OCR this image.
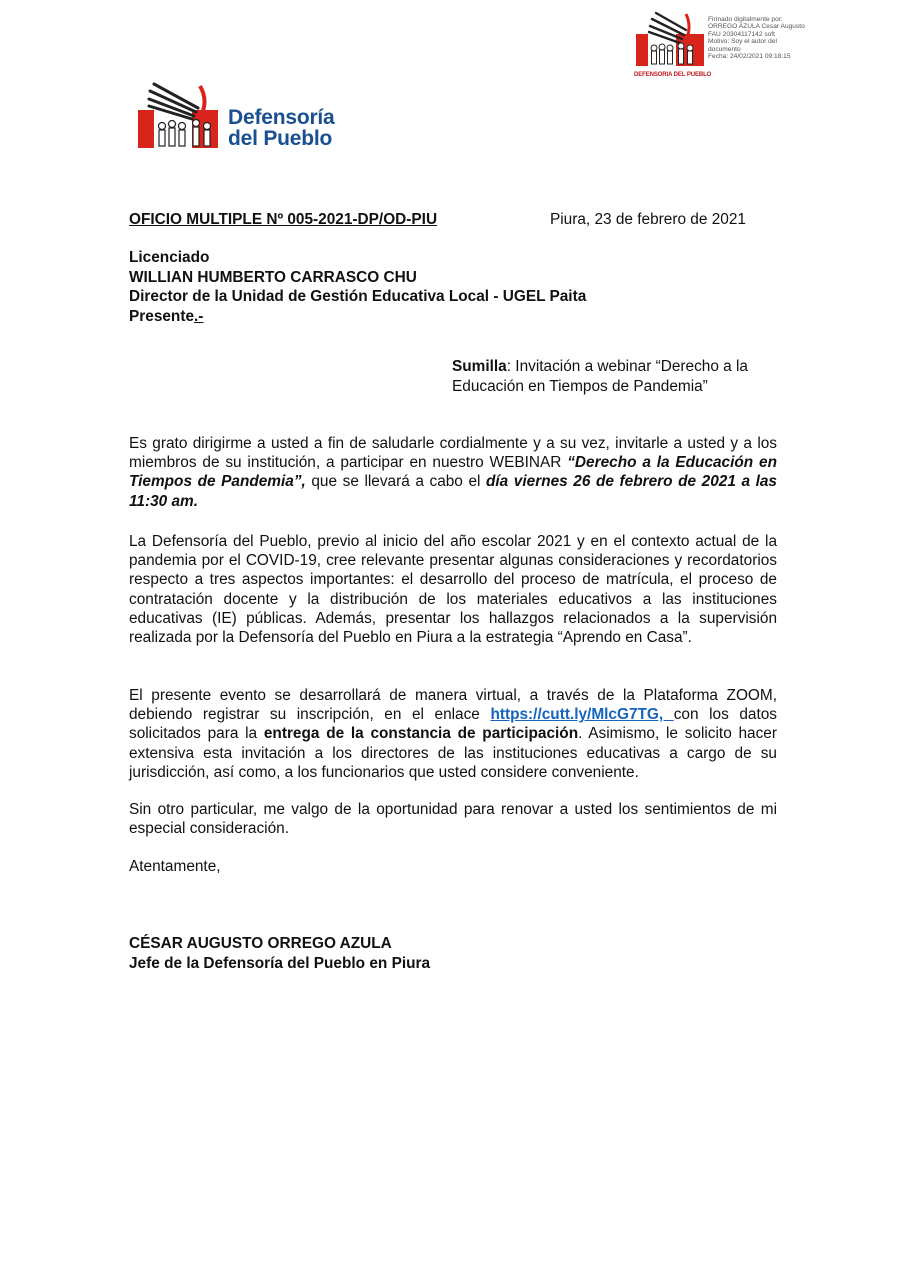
DEFENSORIA DEL PUEBLO
Firmado digitalmente por:
ORREGO AZULA Cesar Augusto
FAU 20304117142 soft
Motivo: Soy el autor del
documento
Fecha: 24/02/2021 09:18:15
Defensoría
del Pueblo
OFICIO MULTIPLE Nº 005-2021-DP/OD-PIU	Piura, 23 de febrero de 2021
Licenciado
WILLIAN HUMBERTO CARRASCO CHU
Director de la Unidad de Gestión Educativa Local - UGEL Paita
Presente.-
Sumilla: Invitación a webinar “Derecho a la Educación en Tiempos de Pandemia”
Es grato dirigirme a usted a fin de saludarle cordialmente y a su vez, invitarle a usted y a los miembros de su institución, a participar en nuestro WEBINAR “Derecho a la Educación en Tiempos de Pandemia”, que se llevará a cabo el día viernes 26 de febrero de 2021 a las 11:30 am.
La Defensoría del Pueblo, previo al inicio del año escolar 2021 y en el contexto actual de la pandemia por el COVID-19, cree relevante presentar algunas consideraciones y recordatorios respecto a tres aspectos importantes: el desarrollo del proceso de matrícula, el proceso de contratación docente y la distribución de los materiales educativos a las instituciones educativas (IE) públicas. Además, presentar los hallazgos relacionados a la supervisión realizada por la Defensoría del Pueblo en Piura a la estrategia “Aprendo en Casa”.
El presente evento se desarrollará de manera virtual, a través de la Plataforma ZOOM, debiendo registrar su inscripción, en el enlace https://cutt.ly/MlcG7TG, con los datos solicitados para la entrega de la constancia de participación. Asimismo, le solicito hacer extensiva esta invitación a los directores de las instituciones educativas a cargo de su jurisdicción, así como, a los funcionarios que usted considere conveniente.
Sin otro particular, me valgo de la oportunidad para renovar a usted los sentimientos de mi especial consideración.
Atentamente,
CÉSAR AUGUSTO ORREGO AZULA
Jefe de la Defensoría del Pueblo en Piura
